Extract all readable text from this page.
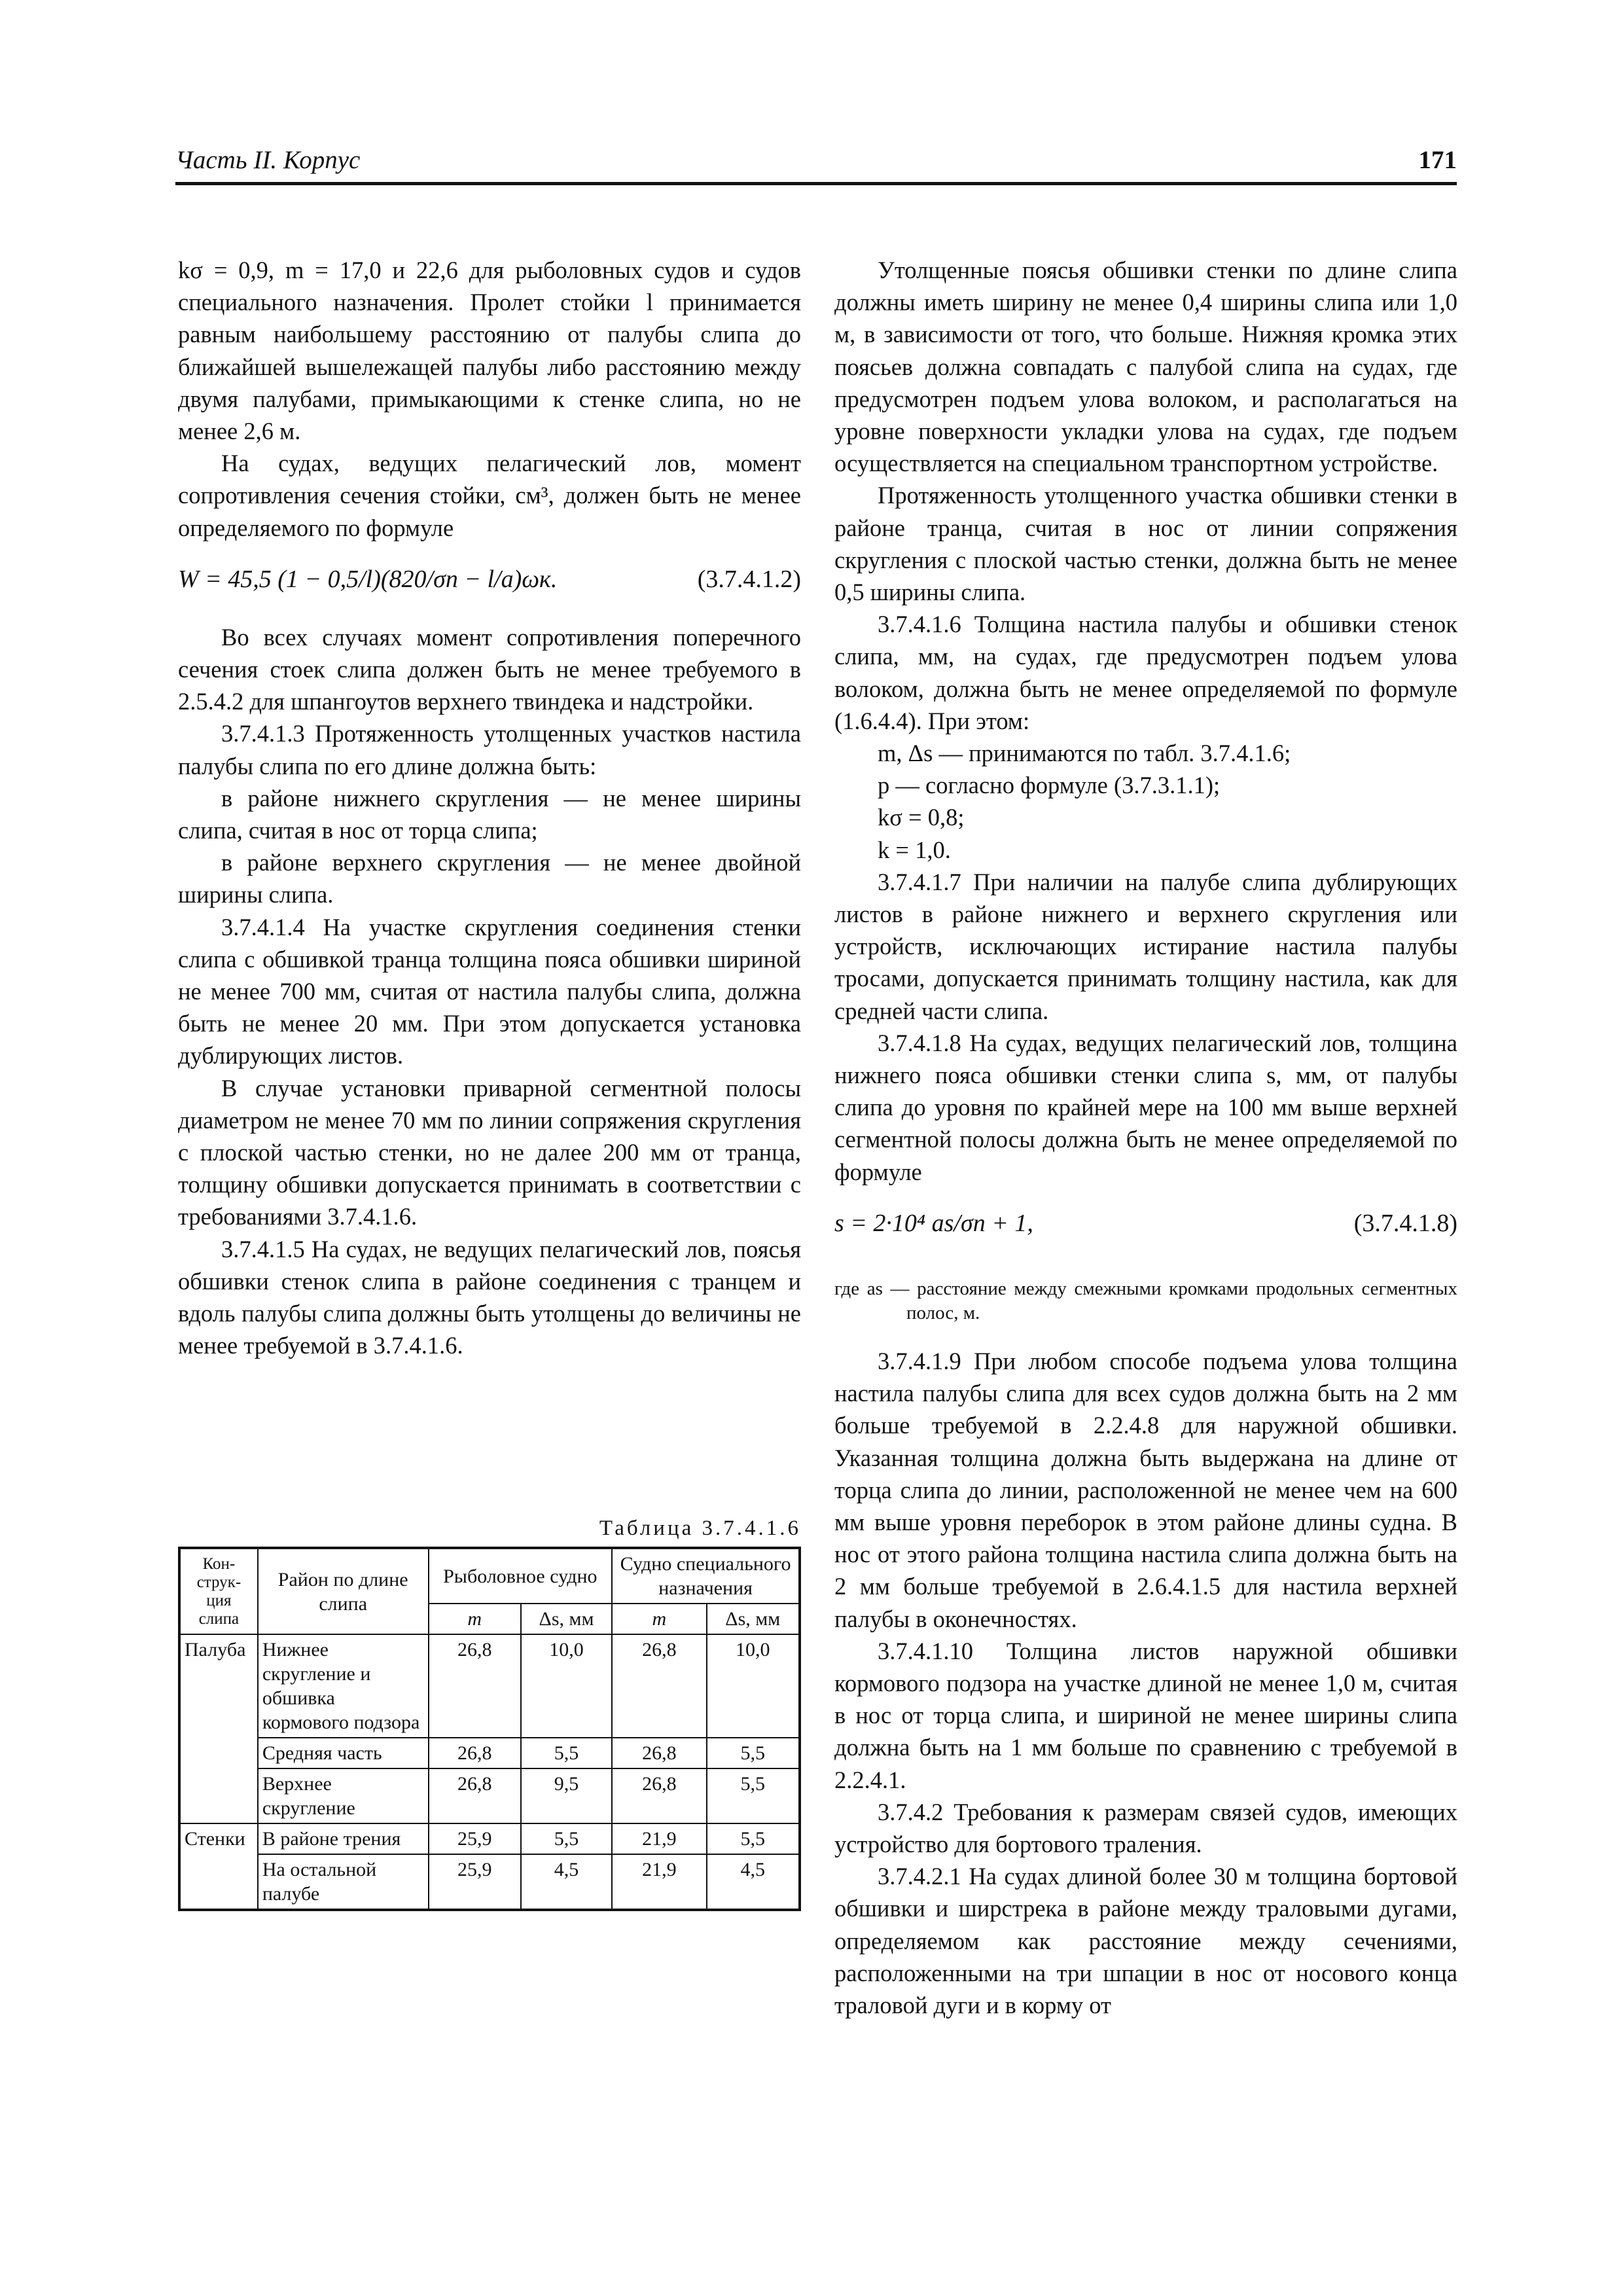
Часть II. Корпус	171

kσ = 0,9, m = 17,0 и 22,6 для рыболовных судов и судов специального назначения. Пролет стойки l принимается равным наибольшему расстоянию от палубы слипа до ближайшей вышележащей палубы либо расстоянию между двумя палубами, примыкающими к стенке слипа, но не менее 2,6 м.

На судах, ведущих пелагический лов, момент сопротивления сечения стойки, см³, должен быть не менее определяемого по формуле

W = 45,5 (1 − 0,5/l)(820/σn − l/a)ωк.	(3.7.4.1.2)

Во всех случаях момент сопротивления поперечного сечения стоек слипа должен быть не менее требуемого в 2.5.4.2 для шпангоутов верхнего твиндека и надстройки.

3.7.4.1.3 Протяженность утолщенных участков настила палубы слипа по его длине должна быть:

в районе нижнего скругления — не менее ширины слипа, считая в нос от торца слипа;

в районе верхнего скругления — не менее двойной ширины слипа.

3.7.4.1.4 На участке скругления соединения стенки слипа с обшивкой транца толщина пояса обшивки шириной не менее 700 мм, считая от настила палубы слипа, должна быть не менее 20 мм. При этом допускается установка дублирующих листов.

В случае установки приварной сегментной полосы диаметром не менее 70 мм по линии сопряжения скругления с плоской частью стенки, но не далее 200 мм от транца, толщину обшивки допускается принимать в соответствии с требованиями 3.7.4.1.6.

3.7.4.1.5 На судах, не ведущих пелагический лов, поясья обшивки стенок слипа в районе соединения с транцем и вдоль палубы слипа должны быть утолщены до величины не менее требуемой в 3.7.4.1.6.

Таблица 3.7.4.1.6
Кон-струк-ция слипа	Район по длине слипа	Рыболовное судно		Судно специального назначения	
		m	Δs, мм	m	Δs, мм
Палуба	Нижнее скругление и обшивка кормового подзора	26,8	10,0	26,8	10,0
	Средняя часть	26,8	5,5	26,8	5,5
	Верхнее скругление	26,8	9,5	26,8	5,5
Стенки	В районе трения	25,9	5,5	21,9	5,5
	На остальной палубе	25,9	4,5	21,9	4,5

Утолщенные поясья обшивки стенки по длине слипа должны иметь ширину не менее 0,4 ширины слипа или 1,0 м, в зависимости от того, что больше. Нижняя кромка этих поясьев должна совпадать с палубой слипа на судах, где предусмотрен подъем улова волоком, и располагаться на уровне поверхности укладки улова на судах, где подъем осуществляется на специальном транспортном устройстве.

Протяженность утолщенного участка обшивки стенки в районе транца, считая в нос от линии сопряжения скругления с плоской частью стенки, должна быть не менее 0,5 ширины слипа.

3.7.4.1.6 Толщина настила палубы и обшивки стенок слипа, мм, на судах, где предусмотрен подъем улова волоком, должна быть не менее определяемой по формуле (1.6.4.4). При этом:

m, Δs — принимаются по табл. 3.7.4.1.6;

p — согласно формуле (3.7.3.1.1);

kσ = 0,8;

k = 1,0.

3.7.4.1.7 При наличии на палубе слипа дублирующих листов в районе нижнего и верхнего скругления или устройств, исключающих истирание настила палубы тросами, допускается принимать толщину настила, как для средней части слипа.

3.7.4.1.8 На судах, ведущих пелагический лов, толщина нижнего пояса обшивки стенки слипа s, мм, от палубы слипа до уровня по крайней мере на 100 мм выше верхней сегментной полосы должна быть не менее определяемой по формуле

s = 2·10⁴ as/σn + 1,	(3.7.4.1.8)
где as — расстояние между смежными кромками продольных сегментных полос, м.

3.7.4.1.9 При любом способе подъема улова толщина настила палубы слипа для всех судов должна быть на 2 мм больше требуемой в 2.2.4.8 для наружной обшивки. Указанная толщина должна быть выдержана на длине от торца слипа до линии, расположенной не менее чем на 600 мм выше уровня переборок в этом районе длины судна. В нос от этого района толщина настила слипа должна быть на 2 мм больше требуемой в 2.6.4.1.5 для настила верхней палубы в оконечностях.

3.7.4.1.10 Толщина листов наружной обшивки кормового подзора на участке длиной не менее 1,0 м, считая в нос от торца слипа, и шириной не менее ширины слипа должна быть на 1 мм больше по сравнению с требуемой в 2.2.4.1.

3.7.4.2 Требования к размерам связей судов, имеющих устройство для бортового траления.

3.7.4.2.1 На судах длиной более 30 м толщина бортовой обшивки и ширстрека в районе между траловыми дугами, определяемом как расстояние между сечениями, расположенными на три шпации в нос от носового конца траловой дуги и в корму от
